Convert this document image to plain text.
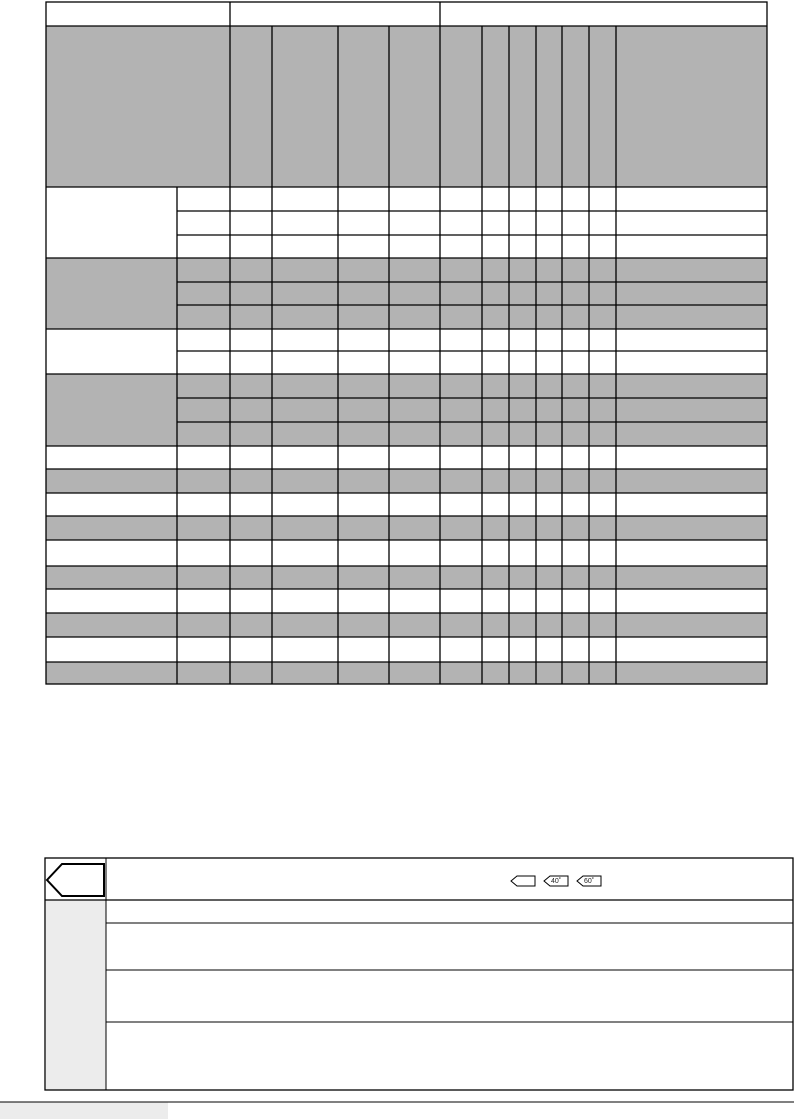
40˚	60˚
